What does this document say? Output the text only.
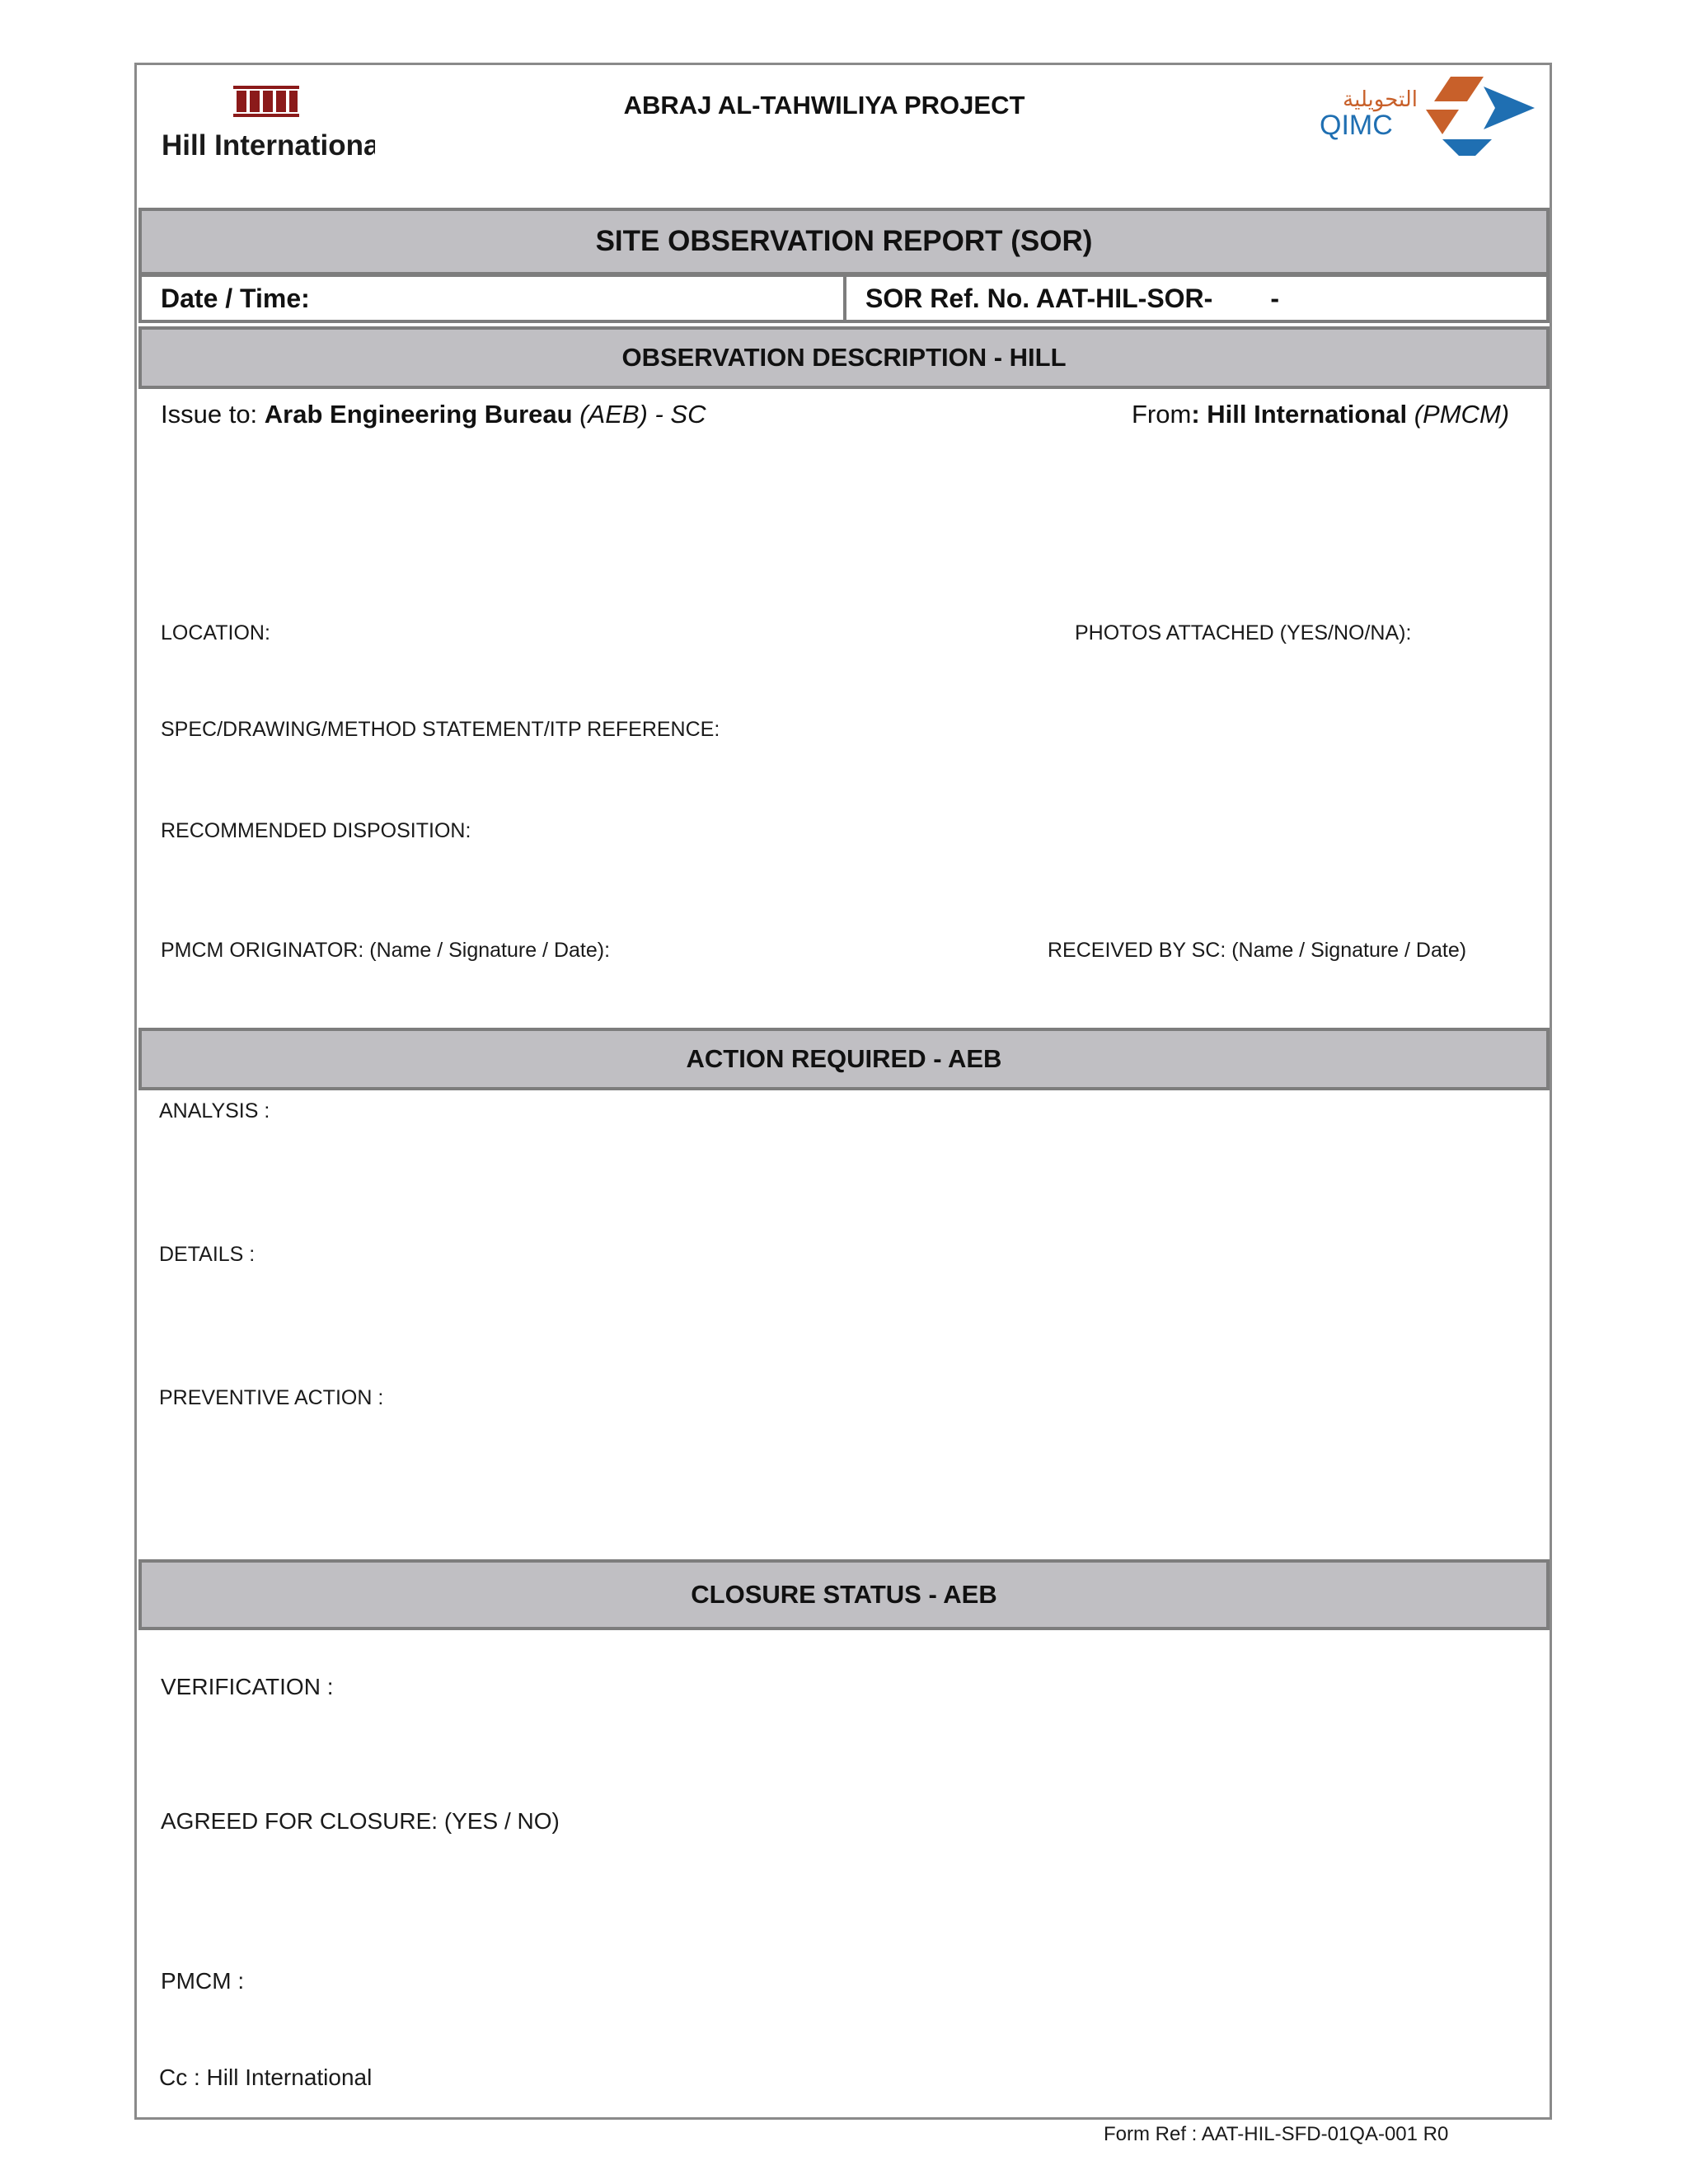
Hill International
ABRAJ AL-TAHWILIYA PROJECT	التحويلية
QIMC
SITE OBSERVATION REPORT (SOR)
Date / Time:	SOR Ref. No. AAT-HIL-SOR- -
OBSERVATION DESCRIPTION - HILL
Issue to: Arab Engineering Bureau (AEB) - SC	From: Hill International (PMCM)
LOCATION:	PHOTOS ATTACHED (YES/NO/NA):
SPEC/DRAWING/METHOD STATEMENT/ITP REFERENCE:
RECOMMENDED DISPOSITION:
PMCM ORIGINATOR: (Name / Signature / Date):	RECEIVED BY SC: (Name / Signature / Date)
ACTION REQUIRED - AEB
ANALYSIS :
DETAILS :
PREVENTIVE ACTION :
CLOSURE STATUS - AEB
VERIFICATION :
AGREED FOR CLOSURE: (YES / NO)
PMCM :
Cc : Hill International
Form Ref : AAT-HIL-SFD-01QA-001 R0
